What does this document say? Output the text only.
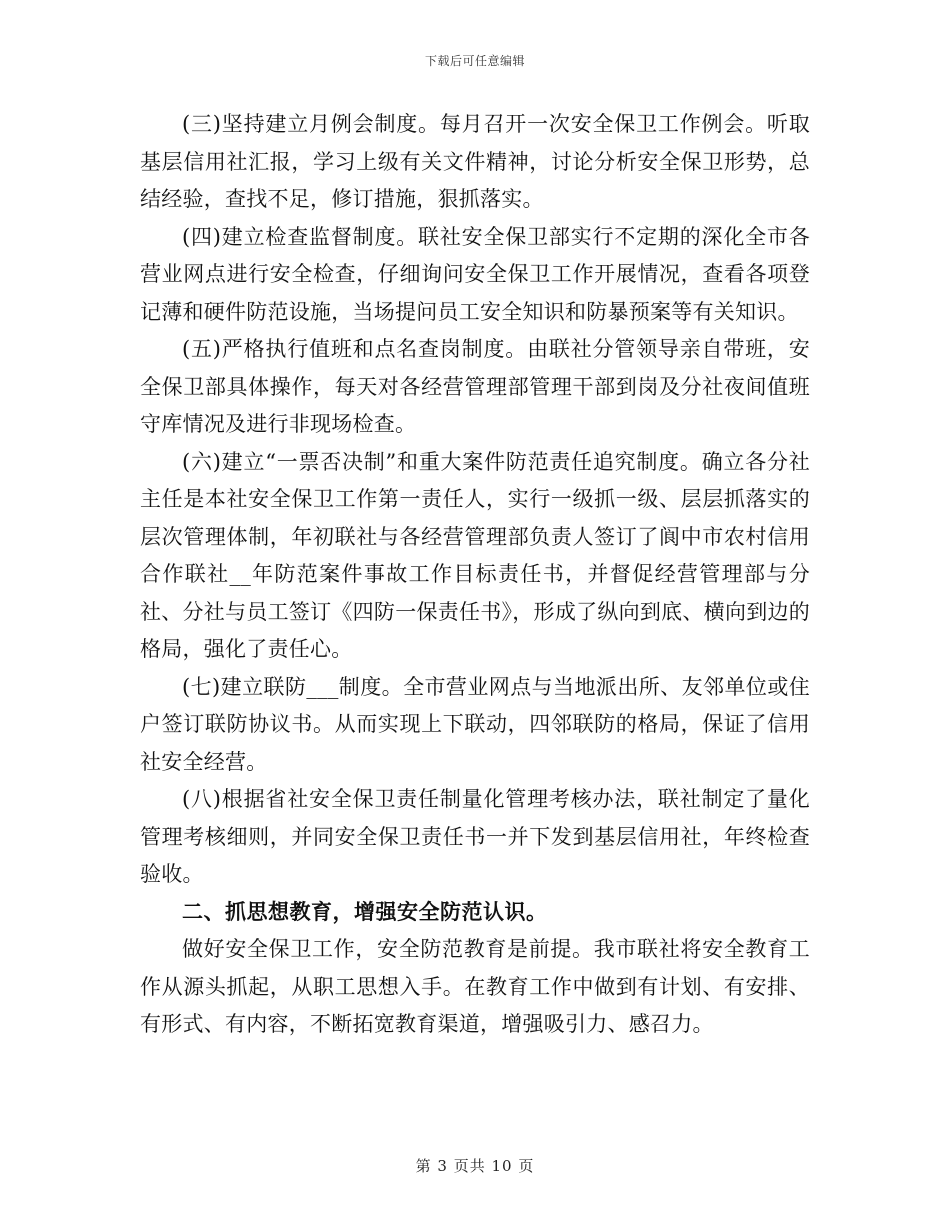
下载后可任意编辑

(三)坚持建立月例会制度。每月召开一次安全保卫工作例会。听取基层信用社汇报，学习上级有关文件精神，讨论分析安全保卫形势，总结经验，查找不足，修订措施，狠抓落实。

(四)建立检查监督制度。联社安全保卫部实行不定期的深化全市各营业网点进行安全检查，仔细询问安全保卫工作开展情况，查看各项登记薄和硬件防范设施，当场提问员工安全知识和防暴预案等有关知识。

(五)严格执行值班和点名查岗制度。由联社分管领导亲自带班，安全保卫部具体操作，每天对各经营管理部管理干部到岗及分社夜间值班守库情况及进行非现场检查。

(六)建立“一票否决制”和重大案件防范责任追究制度。确立各分社主任是本社安全保卫工作第一责任人，实行一级抓一级、层层抓落实的层次管理体制，年初联社与各经营管理部负责人签订了阆中市农村信用合作联社__年防范案件事故工作目标责任书，并督促经营管理部与分社、分社与员工签订《四防一保责任书》，形成了纵向到底、横向到边的格局，强化了责任心。

(七)建立联防___制度。全市营业网点与当地派出所、友邻单位或住户签订联防协议书。从而实现上下联动，四邻联防的格局，保证了信用社安全经营。

(八)根据省社安全保卫责任制量化管理考核办法，联社制定了量化管理考核细则，并同安全保卫责任书一并下发到基层信用社，年终检查验收。

二、抓思想教育，增强安全防范认识。

做好安全保卫工作，安全防范教育是前提。我市联社将安全教育工作从源头抓起，从职工思想入手。在教育工作中做到有计划、有安排、有形式、有内容，不断拓宽教育渠道，增强吸引力、感召力。

第 3 页共 10 页
